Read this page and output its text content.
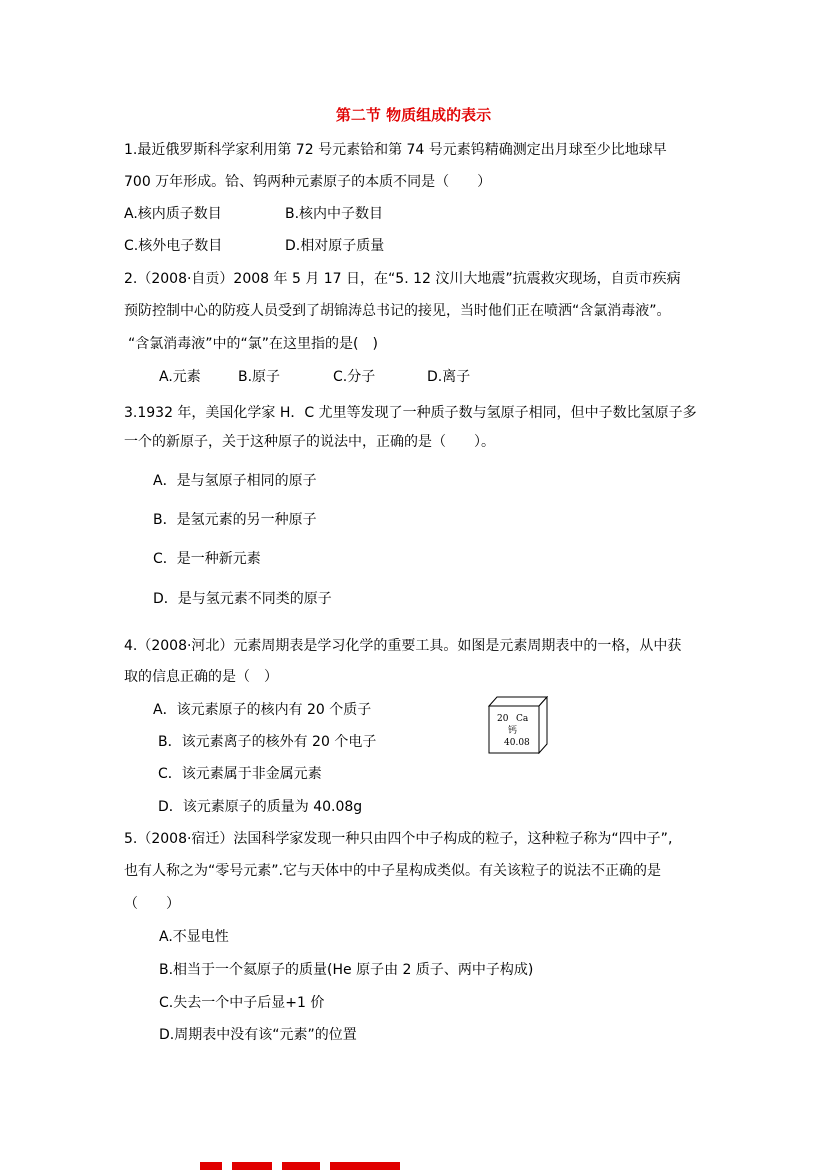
第二节 物质组成的表示
1.最近俄罗斯科学家利用第 72 号元素铪和第 74 号元素钨精确测定出月球至少比地球早
700 万年形成。铪、钨两种元素原子的本质不同是（　　）
A.核内质子数目	B.核内中子数目
C.核外电子数目	D.相对原子质量
2.（2008·自贡）2008 年 5 月 17 日，在“5. 12 汶川大地震”抗震救灾现场，自贡市疾病
预防控制中心的防疫人员受到了胡锦涛总书记的接见，当时他们正在喷洒“含氯消毒液”。
“含氯消毒液”中的“氯”在这里指的是(　)
A.元素	B.原子	C.分子	D.离子
3.1932 年，美国化学家 H．C 尤里等发现了一种质子数与氢原子相同，但中子数比氢原子多
一个的新原子，关于这种原子的说法中，正确的是（　　）。
A．是与氢原子相同的原子
B．是氢元素的另一种原子
C．是一种新元素
D．是与氢元素不同类的原子
4.（2008·河北）元素周期表是学习化学的重要工具。如图是元素周期表中的一格，从中获
取的信息正确的是（　）
A．该元素原子的核内有 20 个质子
B．该元素离子的核外有 20 个电子
C．该元素属于非金属元素
D．该元素原子的质量为 40.08g
20 Ca
钙
40.08
5.（2008·宿迁）法国科学家发现一种只由四个中子构成的粒子，这种粒子称为“四中子”,
也有人称之为“零号元素”.它与天体中的中子星构成类似。有关该粒子的说法不正确的是
（　　）
A.不显电性
B.相当于一个氦原子的质量(He 原子由 2 质子、两中子构成)
C.失去一个中子后显+1 价
D.周期表中没有该“元素”的位置
